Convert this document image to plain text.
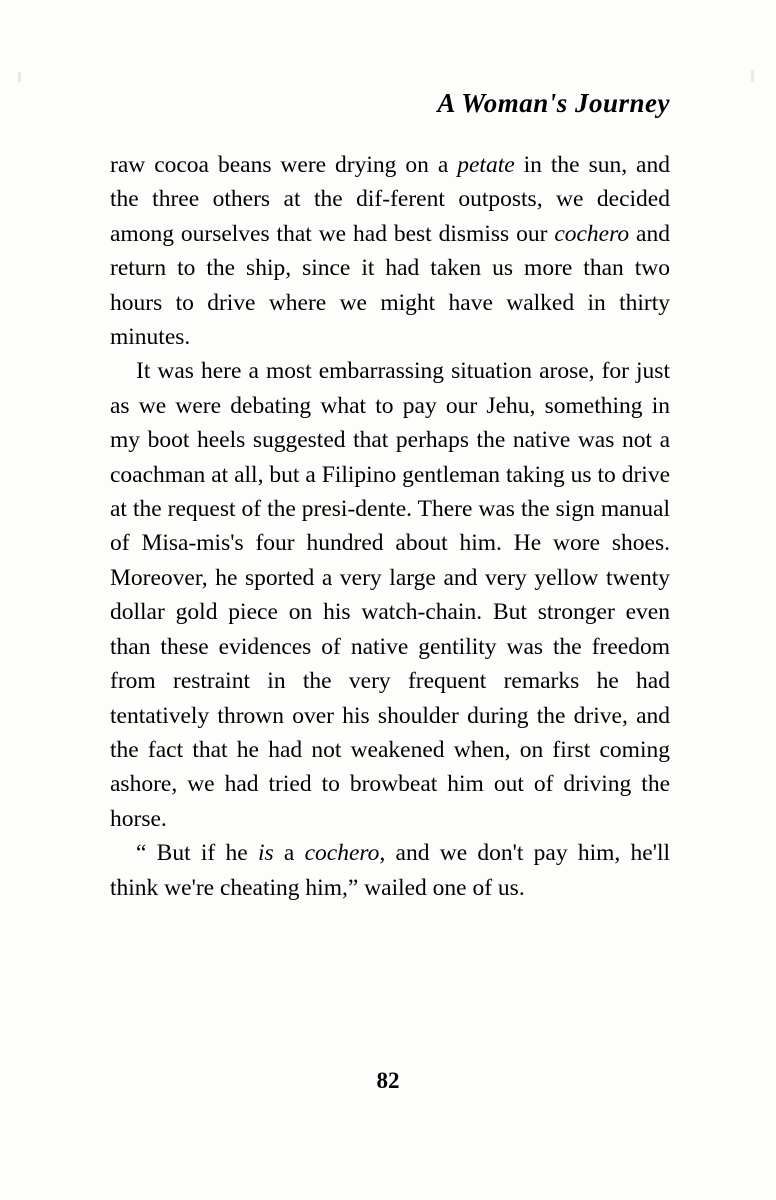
A Woman's Journey

raw cocoa beans were drying on a petate in the sun, and the three others at the dif-ferent outposts, we decided among ourselves that we had best dismiss our cochero and return to the ship, since it had taken us more than two hours to drive where we might have walked in thirty minutes.

It was here a most embarrassing situation arose, for just as we were debating what to pay our Jehu, something in my boot heels suggested that perhaps the native was not a coachman at all, but a Filipino gentleman taking us to drive at the request of the presi-dente. There was the sign manual of Misa-mis's four hundred about him. He wore shoes. Moreover, he sported a very large and very yellow twenty dollar gold piece on his watch-chain. But stronger even than these evidences of native gentility was the freedom from restraint in the very frequent remarks he had tentatively thrown over his shoulder during the drive, and the fact that he had not weakened when, on first coming ashore, we had tried to browbeat him out of driving the horse.

“ But if he is a cochero, and we don't pay him, he'll think we're cheating him,” wailed one of us.

82
